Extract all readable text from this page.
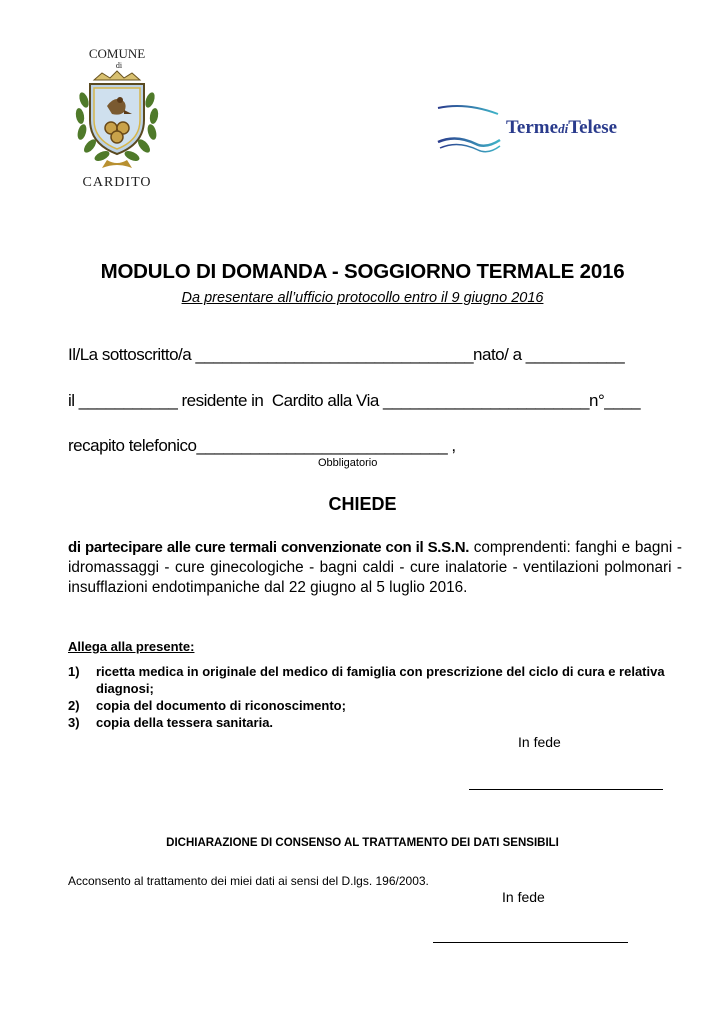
COMUNE
di
CARDITO
TermediTelese
MODULO DI DOMANDA - SOGGIORNO TERMALE 2016
Da presentare all’ufficio protocollo entro il 9 giugno 2016
Il/La sottoscritto/a _______________________________nato/ a ___________
il ___________ residente in  Cardito alla Via _______________________n°____
recapito telefonico____________________________ ,
Obbligatorio
CHIEDE
di partecipare alle cure termali convenzionate con il S.S.N. comprendenti: fanghi e bagni - idromassaggi - cure ginecologiche - bagni caldi - cure inalatorie - ventilazioni polmonari - insufflazioni endotimpaniche dal 22 giugno al 5 luglio 2016.
Allega alla presente:
1)	ricetta medica in originale del medico di famiglia con prescrizione del ciclo di cura e relativa diagnosi;
2)	copia del documento di riconoscimento;
3)	copia della tessera sanitaria.
In fede
DICHIARAZIONE DI CONSENSO AL TRATTAMENTO DEI DATI SENSIBILI
Acconsento al trattamento dei miei dati ai sensi del D.lgs. 196/2003.
In fede
